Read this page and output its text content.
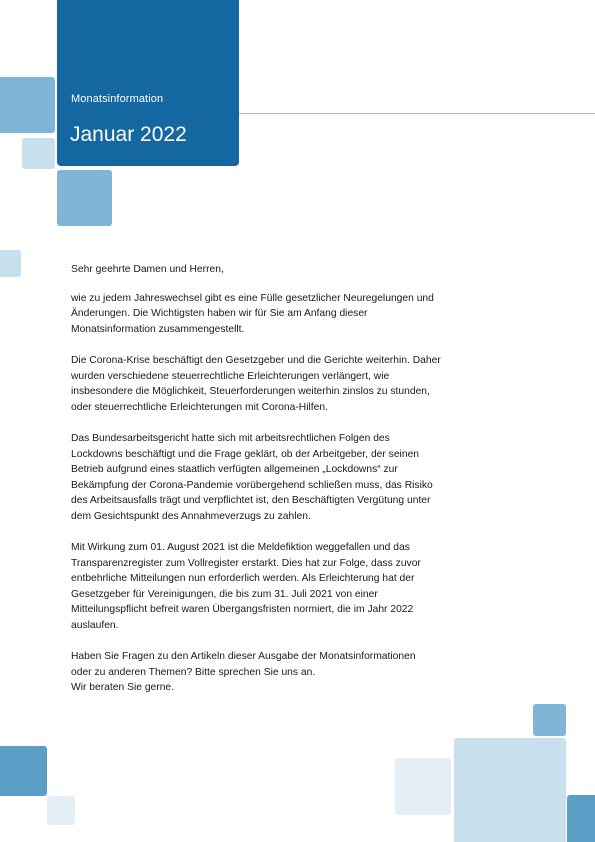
Monatsinformation
Januar 2022

Sehr geehrte Damen und Herren,

wie zu jedem Jahreswechsel gibt es eine Fülle gesetzlicher Neuregelungen und Änderungen. Die Wichtigsten haben wir für Sie am Anfang dieser Monatsinformation zusammengestellt.

Die Corona-Krise beschäftigt den Gesetzgeber und die Gerichte weiterhin. Daher wurden verschiedene steuerrechtliche Erleichterungen verlängert, wie insbesondere die Möglichkeit, Steuerforderungen weiterhin zinslos zu stunden, oder steuerrechtliche Erleichterungen mit Corona-Hilfen.

Das Bundesarbeitsgericht hatte sich mit arbeitsrechtlichen Folgen des Lockdowns beschäftigt und die Frage geklärt, ob der Arbeitgeber, der seinen Betrieb aufgrund eines staatlich verfügten allgemeinen „Lockdowns“ zur Bekämpfung der Corona-Pandemie vorübergehend schließen muss, das Risiko des Arbeitsausfalls trägt und verpflichtet ist, den Beschäftigten Vergütung unter dem Gesichtspunkt des Annahmeverzugs zu zahlen.

Mit Wirkung zum 01. August 2021 ist die Meldefiktion weggefallen und das Transparenzregister zum Vollregister erstarkt. Dies hat zur Folge, dass zuvor entbehrliche Mitteilungen nun erforderlich werden. Als Erleichterung hat der Gesetzgeber für Vereinigungen, die bis zum 31. Juli 2021 von einer Mitteilungspflicht befreit waren Übergangsfristen normiert, die im Jahr 2022 auslaufen.

Haben Sie Fragen zu den Artikeln dieser Ausgabe der Monatsinformationen
oder zu anderen Themen? Bitte sprechen Sie uns an.
Wir beraten Sie gerne.
